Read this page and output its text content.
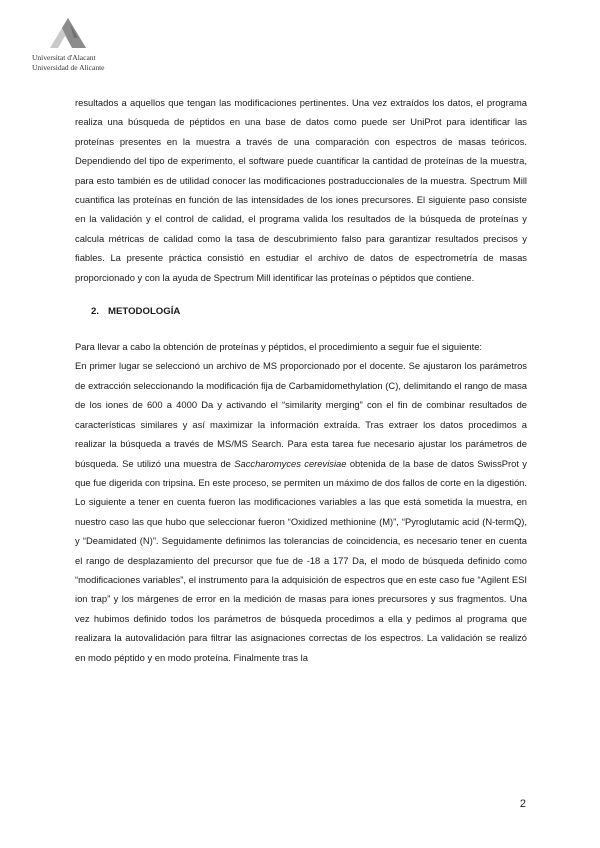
Universitat d'Alacant
Universidad de Alicante

resultados a aquellos que tengan las modificaciones pertinentes. Una vez extraídos los datos, el programa realiza una búsqueda de péptidos en una base de datos como puede ser UniProt para identificar las proteínas presentes en la muestra a través de una comparación con espectros de masas teóricos. Dependiendo del tipo de experimento, el software puede cuantificar la cantidad de proteínas de la muestra, para esto también es de utilidad conocer las modificaciones postraduccionales de la muestra. Spectrum Mill cuantifica las proteínas en función de las intensidades de los iones precursores. El siguiente paso consiste en la validación y el control de calidad, el programa valida los resultados de la búsqueda de proteínas y calcula métricas de calidad como la tasa de descubrimiento falso para garantizar resultados precisos y fiables. La presente práctica consistió en estudiar el archivo de datos de espectrometría de masas proporcionado y con la ayuda de Spectrum Mill identificar las proteínas o péptidos que contiene.

2. METODOLOGÍA

Para llevar a cabo la obtención de proteínas y péptidos, el procedimiento a seguir fue el siguiente:

En primer lugar se seleccionó un archivo de MS proporcionado por el docente. Se ajustaron los parámetros de extracción seleccionando la modificación fija de Carbamidomethylation (C), delimitando el rango de masa de los iones de 600 a 4000 Da y activando el “similarity merging” con el fin de combinar resultados de características similares y así maximizar la información extraída. Tras extraer los datos procedimos a realizar la búsqueda a través de MS/MS Search. Para esta tarea fue necesario ajustar los parámetros de búsqueda. Se utilizó una muestra de Saccharomyces cerevisiae obtenida de la base de datos SwissProt y que fue digerida con tripsina. En este proceso, se permiten un máximo de dos fallos de corte en la digestión. Lo siguiente a tener en cuenta fueron las modificaciones variables a las que está sometida la muestra, en nuestro caso las que hubo que seleccionar fueron “Oxidized methionine (M)”, “Pyroglutamic acid (N-termQ), y “Deamidated (N)”. Seguidamente definimos las tolerancias de coincidencia, es necesario tener en cuenta el rango de desplazamiento del precursor que fue de -18 a 177 Da, el modo de búsqueda definido como “modificaciones variables”, el instrumento para la adquisición de espectros que en este caso fue “Agilent ESI ion trap” y los márgenes de error en la medición de masas para iones precursores y sus fragmentos. Una vez hubimos definido todos los parámetros de búsqueda procedimos a ella y pedimos al programa que realizara la autovalidación para filtrar las asignaciones correctas de los espectros. La validación se realizó en modo péptido y en modo proteína. Finalmente tras la

2
